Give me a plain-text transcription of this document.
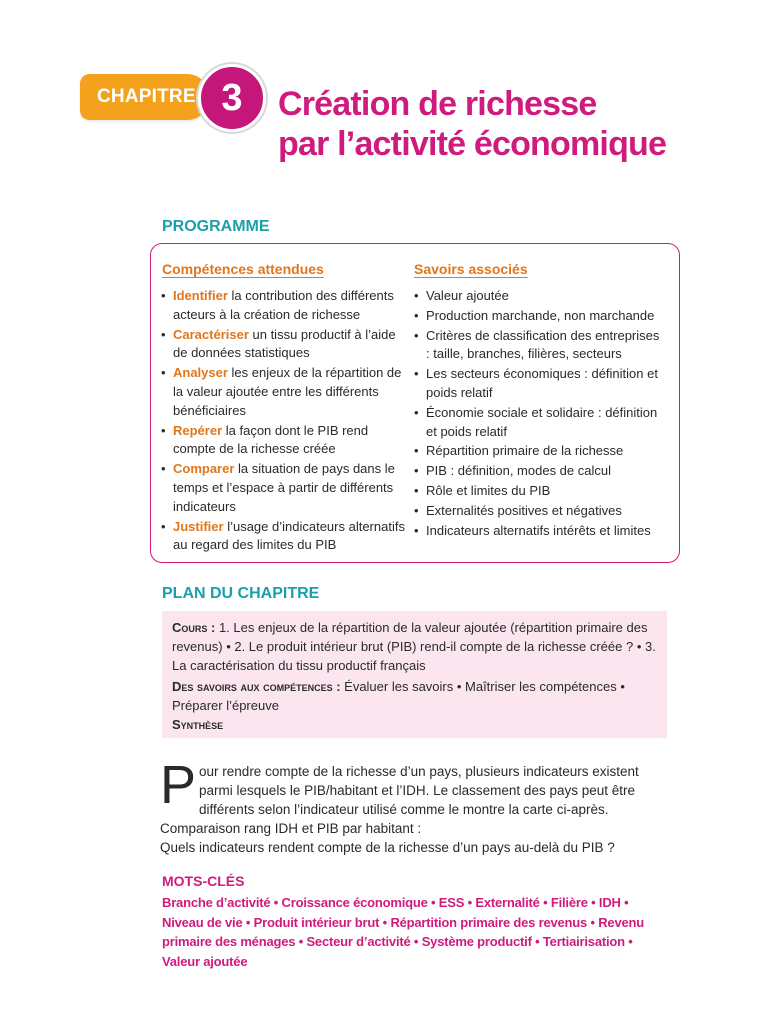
CHAPITRE 3	Création de richesse
par l’activité économique
PROGRAMME
Compétences attendues
• Identifier la contribution des différents acteurs à la création de richesse
• Caractériser un tissu productif à l’aide de données statistiques
• Analyser les enjeux de la répartition de la valeur ajoutée entre les différents bénéficiaires
• Repérer la façon dont le PIB rend compte de la richesse créée
• Comparer la situation de pays dans le temps et l’espace à partir de différents indicateurs
• Justifier l’usage d’indicateurs alternatifs au regard des limites du PIB
Savoirs associés
• Valeur ajoutée
• Production marchande, non marchande
• Critères de classification des entreprises : taille, branches, filières, secteurs
• Les secteurs économiques : définition et poids relatif
• Économie sociale et solidaire : définition et poids relatif
• Répartition primaire de la richesse
• PIB : définition, modes de calcul
• Rôle et limites du PIB
• Externalités positives et négatives
• Indicateurs alternatifs intérêts et limites
PLAN DU CHAPITRE
Cours : 1. Les enjeux de la répartition de la valeur ajoutée (répartition primaire des revenus) • 2. Le produit intérieur brut (PIB) rend-il compte de la richesse créée ? • 3. La caractérisation du tissu productif français
Des savoirs aux compétences : Évaluer les savoirs • Maîtriser les compétences • Préparer l’épreuve
Synthèse

Pour rendre compte de la richesse d’un pays, plusieurs indicateurs existent parmi lesquels le PIB/habitant et l’IDH. Le classement des pays peut être différents selon l’indicateur utilisé comme le montre la carte ci-après.
Comparaison rang IDH et PIB par habitant :

Quels indicateurs rendent compte de la richesse d’un pays au-delà du PIB ?

MOTS-CLÉS

Branche d’activité • Croissance économique • ESS • Externalité • Filière • IDH • Niveau de vie • Produit intérieur brut • Répartition primaire des revenus • Revenu primaire des ménages • Secteur d’activité • Système productif • Tertiairisation • Valeur ajoutée
